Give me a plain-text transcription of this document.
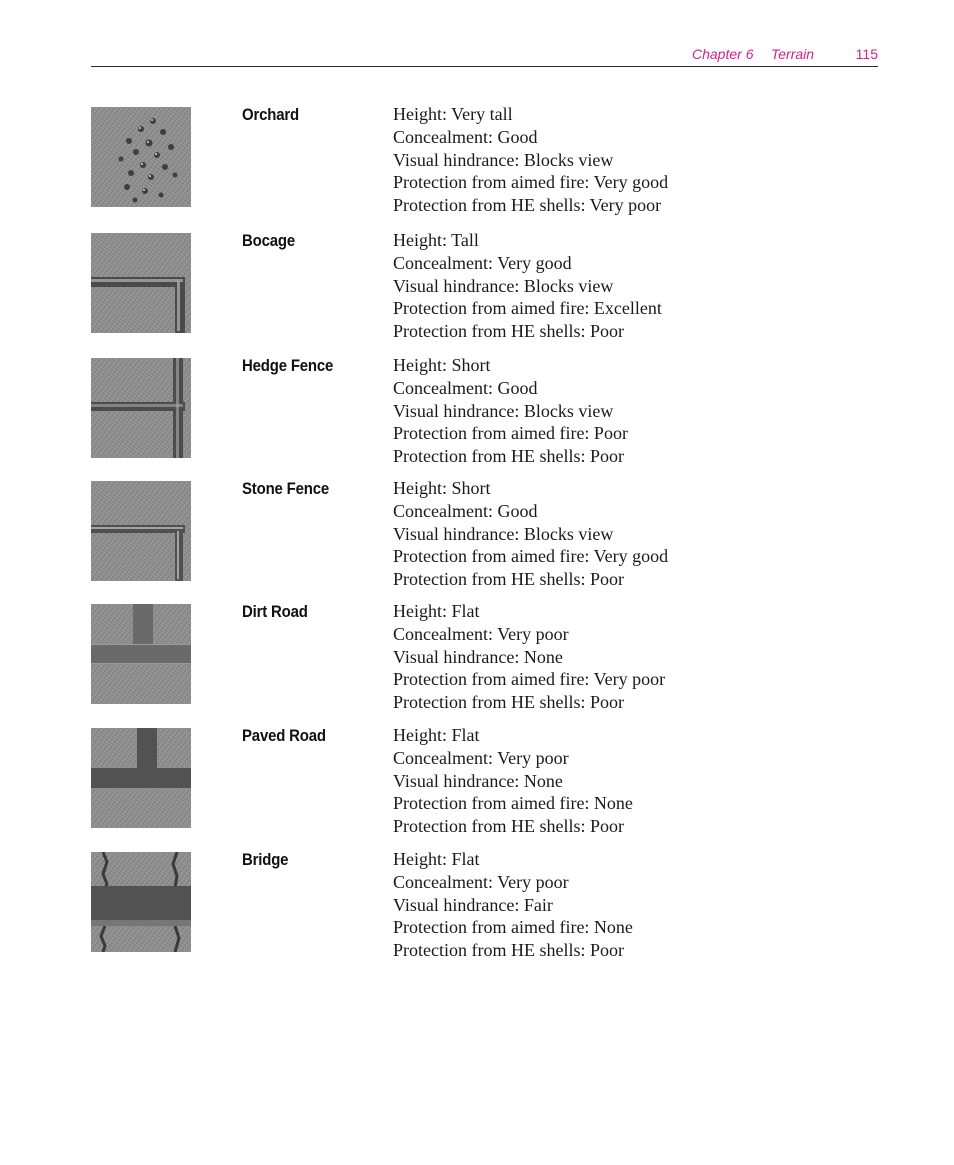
Chapter 6 Terrain	115
Orchard	Height: Very tall
Concealment: Good
Visual hindrance: Blocks view
Protection from aimed fire: Very good
Protection from HE shells: Very poor
Bocage	Height: Tall
Concealment: Very good
Visual hindrance: Blocks view
Protection from aimed fire: Excellent
Protection from HE shells: Poor
Hedge Fence	Height: Short
Concealment: Good
Visual hindrance: Blocks view
Protection from aimed fire: Poor
Protection from HE shells: Poor
Stone Fence	Height: Short
Concealment: Good
Visual hindrance: Blocks view
Protection from aimed fire: Very good
Protection from HE shells: Poor
Dirt Road	Height: Flat
Concealment: Very poor
Visual hindrance: None
Protection from aimed fire: Very poor
Protection from HE shells: Poor
Paved Road	Height: Flat
Concealment: Very poor
Visual hindrance: None
Protection from aimed fire: None
Protection from HE shells: Poor
Bridge	Height: Flat
Concealment: Very poor
Visual hindrance: Fair
Protection from aimed fire: None
Protection from HE shells: Poor
